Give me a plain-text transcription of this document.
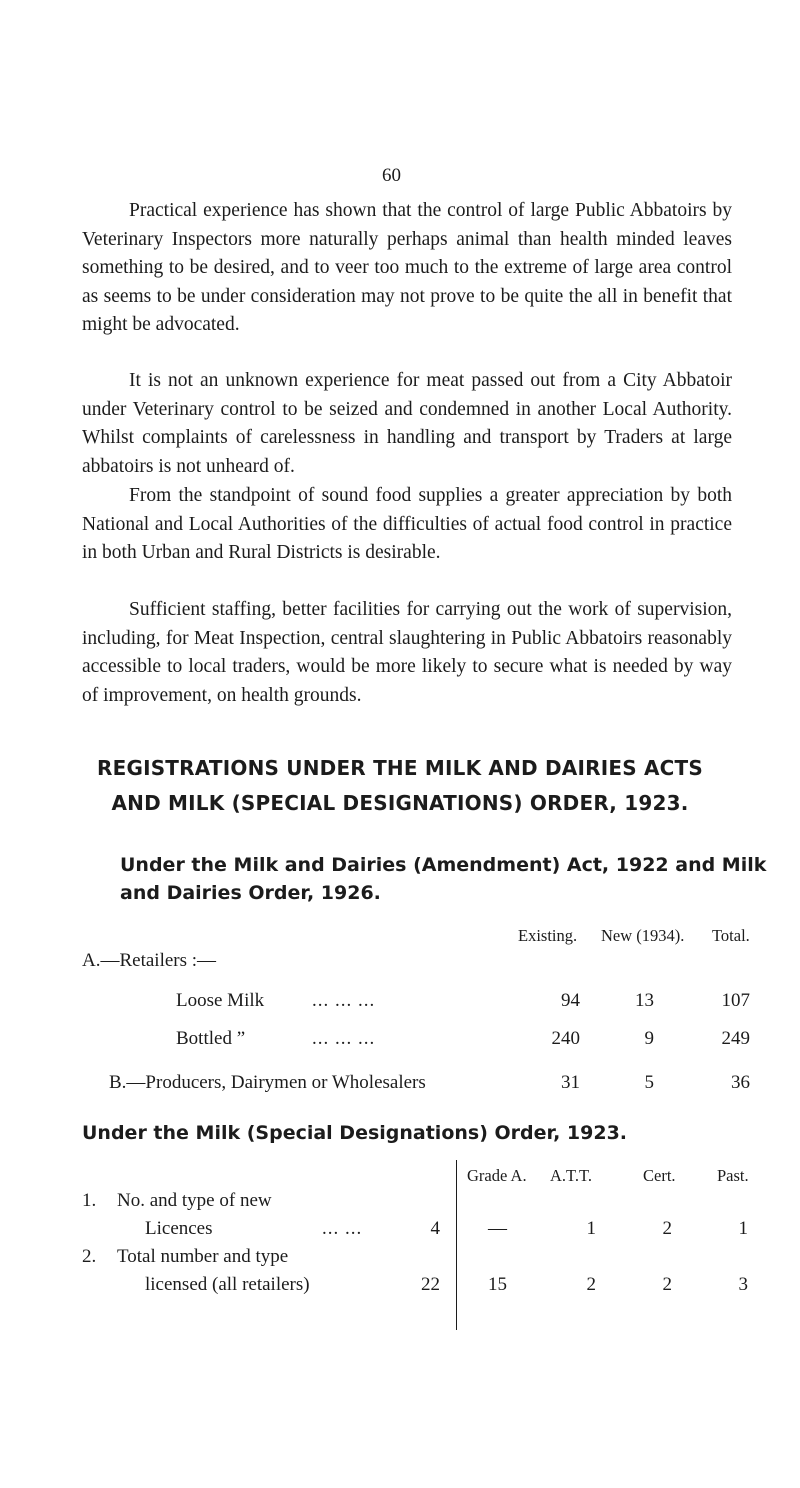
60

Practical experience has shown that the control of large Public Abbatoirs by Veterinary Inspectors more naturally perhaps animal than health minded leaves something to be desired, and to veer too much to the extreme of large area control as seems to be under consideration may not prove to be quite the all in benefit that might be advocated.

It is not an unknown experience for meat passed out from a City Abbatoir under Veterinary control to be seized and condemned in another Local Authority. Whilst complaints of carelessness in handling and transport by Traders at large abbatoirs is not unheard of.

From the standpoint of sound food supplies a greater appreciation by both National and Local Authorities of the difficulties of actual food control in practice in both Urban and Rural Districts is desirable.

Sufficient staffing, better facilities for carrying out the work of supervision, including, for Meat Inspection, central slaughtering in Public Abbatoirs reasonably accessible to local traders, would be more likely to secure what is needed by way of improvement, on health grounds.

REGISTRATIONS UNDER THE MILK AND DAIRIES ACTS
AND MILK (SPECIAL DESIGNATIONS) ORDER, 1923.
Under the Milk and Dairies (Amendment) Act, 1922 and Milk
and Dairies Order, 1926.
Existing. New (1934). Total.
A.—Retailers :—
Loose Milk	... ... ...	94	13	107
Bottled ”	... ... ...	240	9	249
B.—Producers, Dairymen or Wholesalers	31	5	36
Under the Milk (Special Designations) Order, 1923.
Grade A. A.T.T.	Cert.	Past.
1. No. and type of new
Licences	... ...	4	—	1	2	1
2. Total number and type
licensed (all retailers)	22	15	2	2	3
